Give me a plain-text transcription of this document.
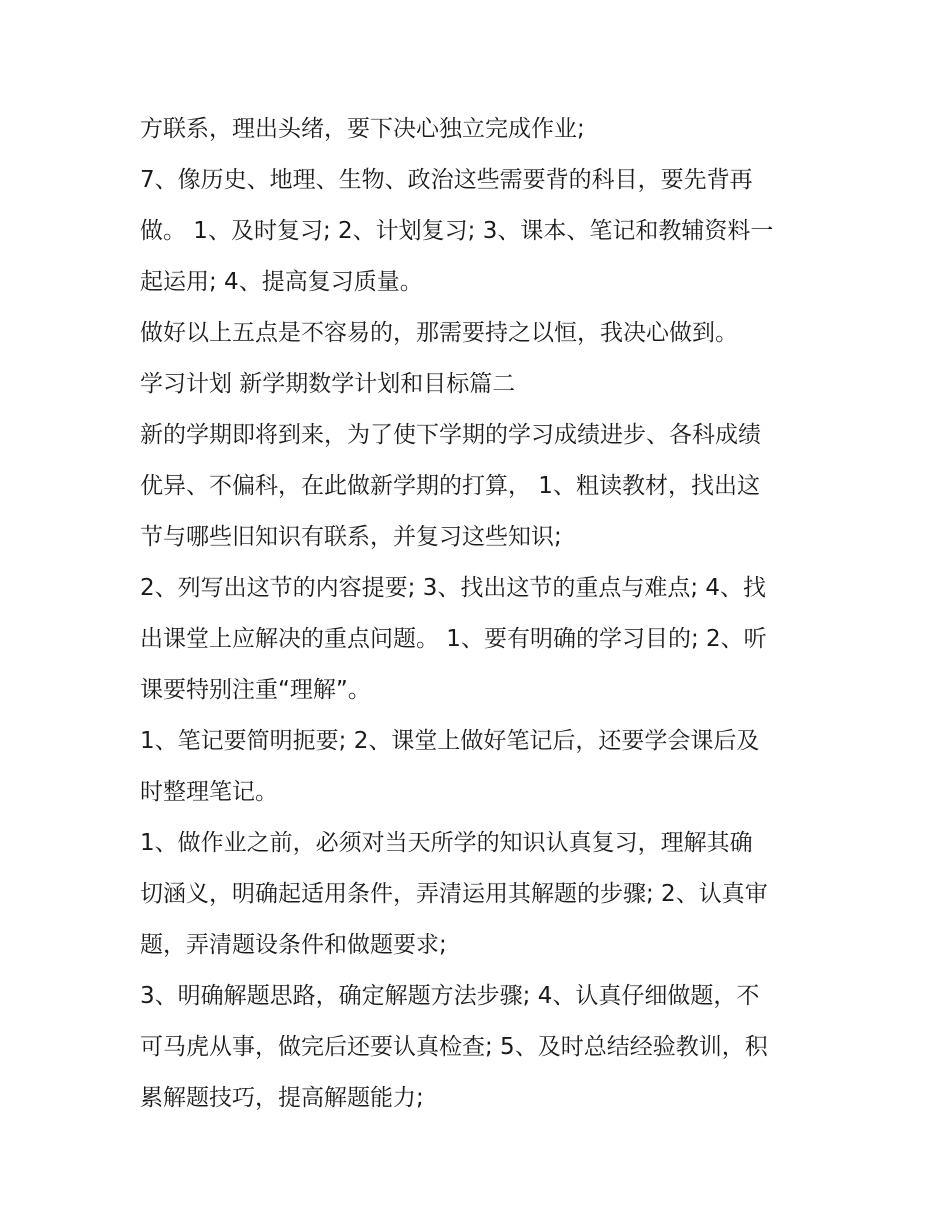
方联系，理出头绪，要下决心独立完成作业;
7、像历史、地理、生物、政治这些需要背的科目，要先背再
做。 1、及时复习; 2、计划复习; 3、课本、笔记和教辅资料一
起运用; 4、提高复习质量。
做好以上五点是不容易的，那需要持之以恒，我决心做到。
学习计划 新学期数学计划和目标篇二
新的学期即将到来，为了使下学期的学习成绩进步、各科成绩
优异、不偏科，在此做新学期的打算， 1、粗读教材，找出这
节与哪些旧知识有联系，并复习这些知识;
2、列写出这节的内容提要; 3、找出这节的重点与难点; 4、找
出课堂上应解决的重点问题。 1、要有明确的学习目的; 2、听
课要特别注重“理解”。
1、笔记要简明扼要; 2、课堂上做好笔记后，还要学会课后及
时整理笔记。
1、做作业之前，必须对当天所学的知识认真复习，理解其确
切涵义，明确起适用条件，弄清运用其解题的步骤; 2、认真审
题，弄清题设条件和做题要求;
3、明确解题思路，确定解题方法步骤; 4、认真仔细做题，不
可马虎从事，做完后还要认真检查; 5、及时总结经验教训，积
累解题技巧，提高解题能力;
